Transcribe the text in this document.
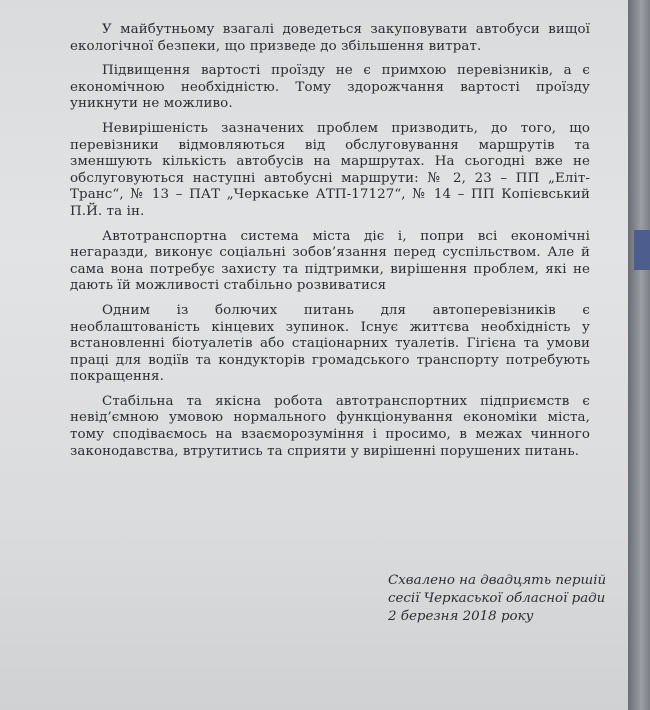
У майбутньому взагалі доведеться закуповувати автобуси вищої екологічної безпеки, що призведе до збільшення витрат.

Підвищення вартості проїзду не є примхою перевізників, а є економічною необхідністю. Тому здорожчання вартості проїзду уникнути не можливо.

Невирішеність зазначених проблем призводить, до того, що перевізники відмовляються від обслуговування маршрутів та зменшують кількість автобусів на маршрутах. На сьогодні вже не обслуговуються наступні автобусні маршрути: № 2, 23 – ПП „Еліт-Транс“, № 13 – ПАТ „Черкаське АТП-17127“, № 14 – ПП Копієвський П.Й. та ін.

Автотранспортна система міста діє і, попри всі економічні негаразди, виконує соціальні зобов’язання перед суспільством. Але й сама вона потребує захисту та підтримки, вирішення проблем, які не дають їй можливості стабільно розвиватися

Одним із болючих питань для автоперевізників є необлаштованість кінцевих зупинок. Існує життєва необхідність у встановленні біотуалетів або стаціонарних туалетів. Гігієна та умови праці для водіїв та кондукторів громадського транспорту потребують покращення.

Стабільна та якісна робота автотранспортних підприємств є невід’ємною умовою нормального функціонування економіки міста, тому сподіваємось на взаєморозуміння і просимо, в межах чинного законодавства, втрутитись та сприяти у вирішенні порушених питань.

Схвалено на двадцять першій
сесії Черкаської обласної ради
2 березня 2018 року
